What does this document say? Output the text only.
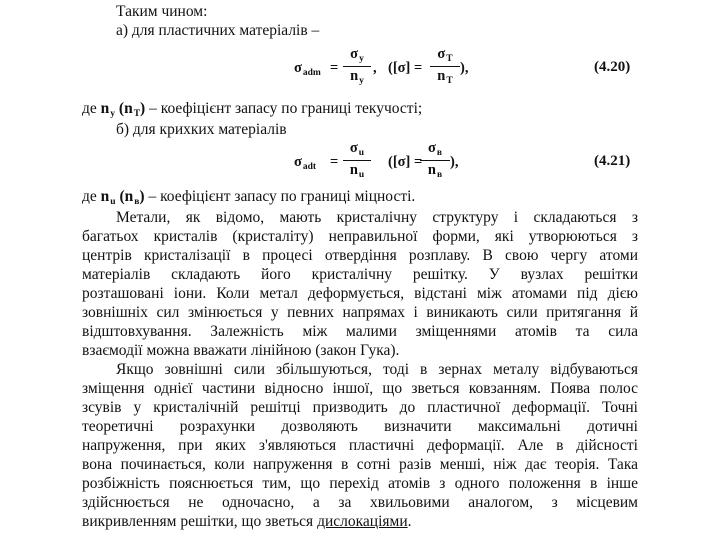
Таким чином:
а) для пластичних матеріалів –
$\sigma_{adm}$ =
$\sigma_y$
$n_y$
, ([σ] =
$\sigma_T$
$n_T$
),	(4.20)
де $n_y$ $(n_T)$ – коефіцієнт запасу по границі текучості;
б) для крихких матеріалів
$\sigma_{adt}$ =
$\sigma_u$
$n_u$
([σ] =
$\sigma_в$
$n_в$
),	(4.21)
де $n_u$ $(n_в)$ – коефіцієнт запасу по границі міцності.
Метали, як відомо, мають кристалічну структуру і складаються з
багатьох кристалів (кристаліту) неправильної форми, які утворюються з
центрів кристалізації в процесі отвердіння розплаву. В свою чергу атоми
матеріалів складають його кристалічну решітку. У вузлах решітки
розташовані іони. Коли метал деформується, відстані між атомами під дією
зовнішніх сил змінюється у певних напрямах і виникають сили притягання й
відштовхування. Залежність між малими зміщеннями атомів та сила
взаємодії можна вважати лінійною (закон Гука).
Якщо зовнішні сили збільшуються, тоді в зернах металу відбуваються
зміщення однієї частини відносно іншої, що зветься ковзанням. Поява полос
зсувів у кристалічній решітці призводить до пластичної деформації. Точні
теоретичні розрахунки дозволяють визначити максимальні дотичні
напруження, при яких з'являються пластичні деформації. Але в дійсності
вона починається, коли напруження в сотні разів менші, ніж дає теорія. Така
розбіжність пояснюється тим, що перехід атомів з одного положення в інше
здійснюється не одночасно, а за хвильовими аналогом, з місцевим
викривленням решітки, що зветься дислокаціями.
